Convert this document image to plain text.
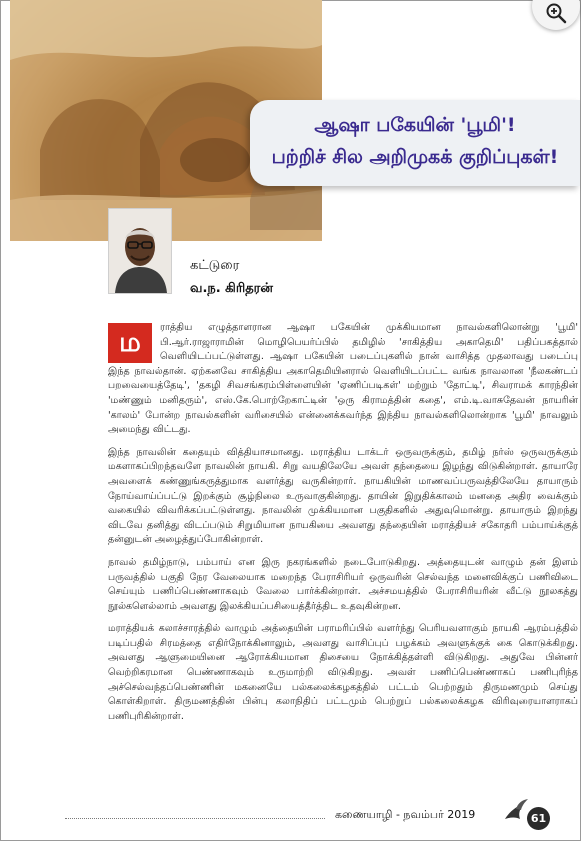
ஆஷா பகேயின் 'பூமி'!
பற்றிச் சில அறிமுகக் குறிப்புகள்!
கட்டுரை
வ.ந. கிரிதரன்

ம	ராத்திய எழுத்தாளரான ஆஷா பகேயின் முக்கியமான நாவல்களிலொன்று 'பூமி' பி.ஆர்.ராஜாராமின் மொழிபெயர்ப்பில் தமிழில் 'சாகித்திய அகாதெமி' பதிப்பகத்தால் வெளியிடப்பட்டுள்ளது. ஆஷா பகேயின் படைப்புகளில் நான் வாசித்த முதலாவது படைப்பு இந்த நாவல்தான். ஏற்கனவே சாகித்திய அகாதெமியினரால் வெளியிடப்பட்ட வங்க நாவலான 'நீலகண்டப் பறவையைத்தேடி', 'தகழி சிவசங்கரம்பிள்ளையின் 'ஏணிப்படிகள்' மற்றும் 'தோட்டி', சிவராமக் காரந்தின் 'மண்ணும் மனிதரும்', எஸ்.கே.பொற்றேகாட்டின் 'ஒரு கிராமத்தின் கதை', எம்.டி.வாசுதேவன் நாயரின் 'காலம்' போன்ற நாவல்களின் வரிசையில் என்னைக்கவர்ந்த இந்திய நாவல்களிலொன்றாக 'பூமி' நாவலும் அமைந்து விட்டது.

இந்த நாவலின் கதையும் வித்தியாசமானது. மராத்திய டாக்டர் ஒருவருக்கும், தமிழ் நர்ஸ் ஒருவருக்கும் மகளாகப்பிறந்தவளே நாவலின் நாயகி. சிறு வயதிலேயே அவள் தந்தையை இழந்து விடுகின்றாள். தாயாரே அவளைக் கண்ணுங்கருத்துமாக வளர்த்து வருகின்றார். நாயகியின் மாணவப்பருவத்திலேயே தாயாரும் நோய்வாய்ப்பட்டு இறக்கும் சூழ்நிலை உருவாகுகின்றது. தாயின் இறுதிக்காலம் மனதை அதிர வைக்கும் வகையில் விவரிக்கப்பட்டுள்ளது. நாவலின் முக்கியமான பகுதிகளில் அதுவுமொன்று. தாயாரும் இறந்து விடவே தனித்து விடப்படும் சிறுமியான நாயகியை அவளது தந்தையின் மராத்தியச் சகோதரி பம்பாய்க்குத் தன்னுடன் அழைத்துப்போகின்றாள்.

நாவல் தமிழ்நாடு, பம்பாய் என இரு நகரங்களில் நடைபோடுகிறது. அத்தையுடன் வாழும் தன் இளம் பருவத்தில் பகுதி நேர வேலையாக மறைந்த பேராசிரியர் ஒருவரின் செல்வந்த மனைவிக்குப் பணிவிடை செய்யும் பணிப்பெண்ணாகவும் வேலை பார்க்கின்றாள். அச்சமயத்தில் பேராசிரியரின் வீட்டு நூலகத்து நூல்களெல்லாம் அவளது இலக்கியப்பசியைத்தீர்த்திட உதவுகின்றன.

மராத்தியக் கலாச்சாரத்தில் வாழும் அத்தையின் பராமரிப்பில் வளர்ந்து பெரியவளாகும் நாயகி ஆரம்பத்தில் படிப்பதில் சிரமத்தை எதிர்நோக்கினாலும், அவளது வாசிப்புப் பழக்கம் அவளுக்குக் கை கொடுக்கிறது. அவளது ஆளுமையினை ஆரோக்கியமான திசையை நோக்கித்தள்ளி விடுகிறது. அதுவே பின்னர் வெற்றிகரமான பெண்ணாகவும் உருமாற்றி விடுகிறது. அவள் பணிப்பெண்ணாகப் பணிபுரிந்த அச்செல்வந்தப்பெண்ணின் மகனையே பல்கலைக்கழகத்தில் பட்டம் பெற்றதும் திருமணமும் செய்து கொள்கிறாள். திருமணத்தின் பின்பு கலாநிதிப் பட்டமும் பெற்றுப் பல்கலைக்கழக விரிவுரையாளராகப் பணிபுரிகின்றாள்.

கணையாழி - நவம்பர் 2019	61
